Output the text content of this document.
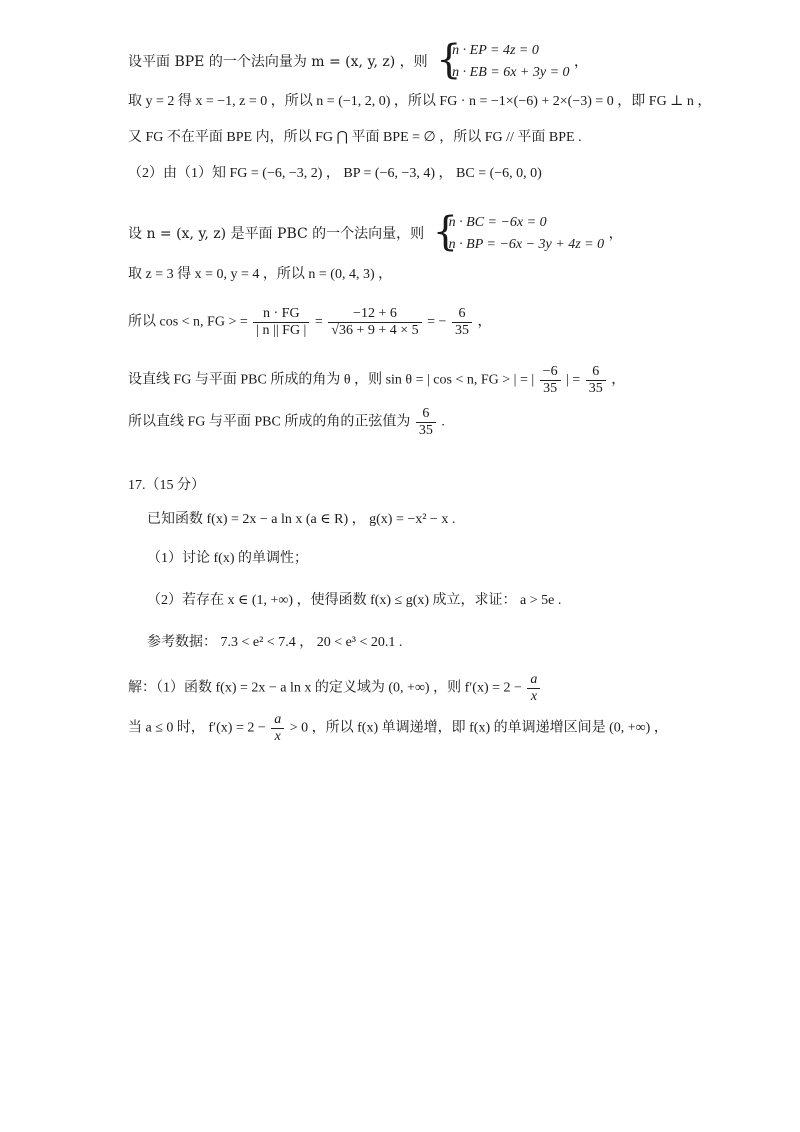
设平面 BPE 的一个法向量为 m = (x, y, z) ，则 {
n · EP = 4z = 0
n · EB = 6x + 3y = 0
，
取 y = 2 得 x = −1, z = 0 ，所以 n = (−1, 2, 0) ，所以 FG · n = −1×(−6) + 2×(−3) = 0 ，即 FG ⊥ n ，
又 FG 不在平面 BPE 内，所以 FG ⋂ 平面 BPE = ∅ ，所以 FG // 平面 BPE .
（2）由（1）知 FG = (−6, −3, 2) ， BP = (−6, −3, 4) ， BC = (−6, 0, 0)
设 n = (x, y, z) 是平面 PBC 的一个法向量，则 {
n · BC = −6x = 0
n · BP = −6x − 3y + 4z = 0
，
取 z = 3 得 x = 0, y = 4 ，所以 n = (0, 4, 3) ，
所以 cos < n, FG > = $\frac{n \cdot FG}{| n || FG |} = \frac{-12 + 6}{√36 + 9 + 4 \times 5}$ = − $\frac{6}{35}$ ，
设直线 FG 与平面 PBC 所成的角为 θ ，则 sin θ = | cos < n, FG > | = | $\frac{-6}{35}$ | = $\frac{6}{35}$ ，
所以直线 FG 与平面 PBC 所成的角的正弦值为 $\frac{6}{35}$ .
17.（15 分）
已知函数 f(x) = 2x − a ln x (a ∈ R) ， g(x) = −x² − x .
（1）讨论 f(x) 的单调性；
（2）若存在 x ∈ (1, +∞) ，使得函数 f(x) ≤ g(x) 成立，求证： a > 5e .
参考数据： 7.3 < e² < 7.4 ， 20 < e³ < 20.1 .
解：（1）函数 f(x) = 2x − a ln x 的定义域为 (0, +∞) ，则 $f'(x) = 2 - \frac{a}{x}$
当 a ≤ 0 时， $f'(x) = 2 - \frac{a}{x} > 0$ ，所以 f(x) 单调递增，即 f(x) 的单调递增区间是 (0, +∞) ，
